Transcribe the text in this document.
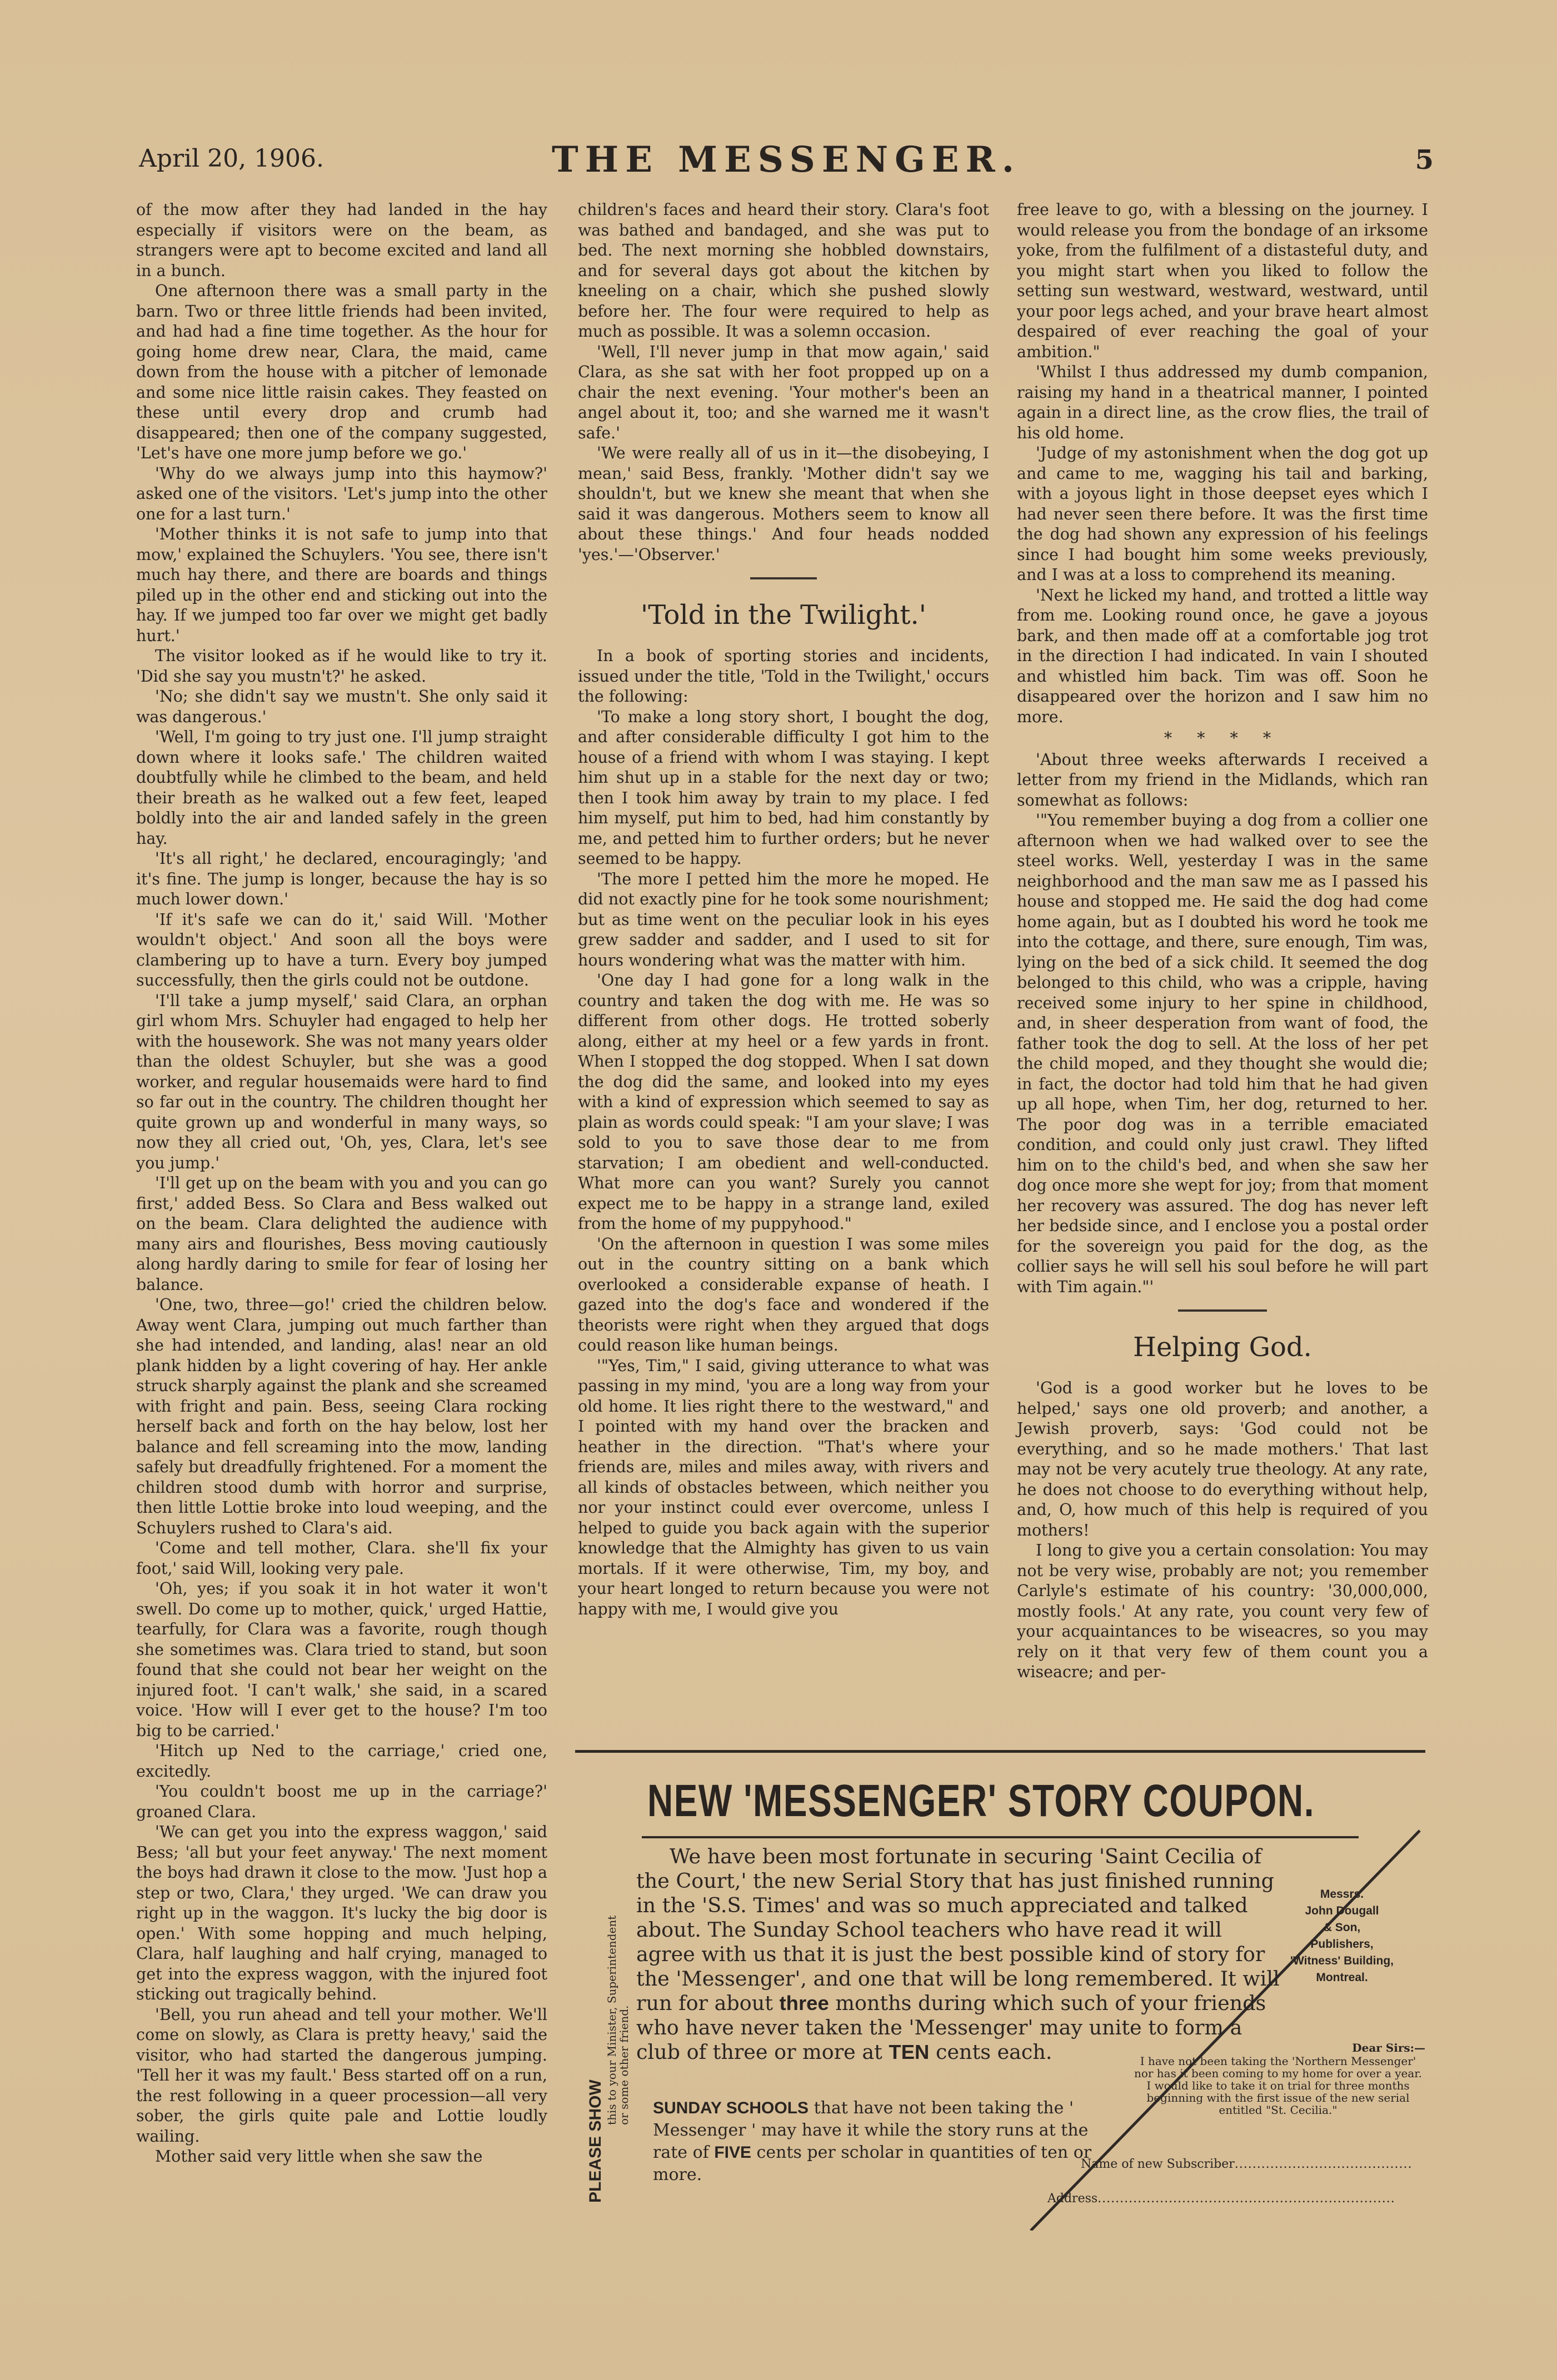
April 20, 1906.	THE MESSENGER.	5

of the mow after they had landed in the hay especially if visitors were on the beam, as strangers were apt to become excited and land all in a bunch.

One afternoon there was a small party in the barn. Two or three little friends had been invited, and had had a fine time together. As the hour for going home drew near, Clara, the maid, came down from the house with a pitcher of lemonade and some nice little raisin cakes. They feasted on these until every drop and crumb had disappeared; then one of the company suggested, 'Let's have one more jump before we go.'

'Why do we always jump into this haymow?' asked one of the visitors. 'Let's jump into the other one for a last turn.'

'Mother thinks it is not safe to jump into that mow,' explained the Schuylers. 'You see, there isn't much hay there, and there are boards and things piled up in the other end and sticking out into the hay. If we jumped too far over we might get badly hurt.'

The visitor looked as if he would like to try it. 'Did she say you mustn't?' he asked.

'No; she didn't say we mustn't. She only said it was dangerous.'

'Well, I'm going to try just one. I'll jump straight down where it looks safe.' The children waited doubtfully while he climbed to the beam, and held their breath as he walked out a few feet, leaped boldly into the air and landed safely in the green hay.

'It's all right,' he declared, encouragingly; 'and it's fine. The jump is longer, because the hay is so much lower down.'

'If it's safe we can do it,' said Will. 'Mother wouldn't object.' And soon all the boys were clambering up to have a turn. Every boy jumped successfully, then the girls could not be outdone.

'I'll take a jump myself,' said Clara, an orphan girl whom Mrs. Schuyler had engaged to help her with the housework. She was not many years older than the oldest Schuyler, but she was a good worker, and regular housemaids were hard to find so far out in the country. The children thought her quite grown up and wonderful in many ways, so now they all cried out, 'Oh, yes, Clara, let's see you jump.'

'I'll get up on the beam with you and you can go first,' added Bess. So Clara and Bess walked out on the beam. Clara delighted the audience with many airs and flourishes, Bess moving cautiously along hardly daring to smile for fear of losing her balance.

'One, two, three—go!' cried the children below. Away went Clara, jumping out much farther than she had intended, and landing, alas! near an old plank hidden by a light covering of hay. Her ankle struck sharply against the plank and she screamed with fright and pain. Bess, seeing Clara rocking herself back and forth on the hay below, lost her balance and fell screaming into the mow, landing safely but dreadfully frightened. For a moment the children stood dumb with horror and surprise, then little Lottie broke into loud weeping, and the Schuylers rushed to Clara's aid.

'Come and tell mother, Clara. she'll fix your foot,' said Will, looking very pale.

'Oh, yes; if you soak it in hot water it won't swell. Do come up to mother, quick,' urged Hattie, tearfully, for Clara was a favorite, rough though she sometimes was. Clara tried to stand, but soon found that she could not bear her weight on the injured foot. 'I can't walk,' she said, in a scared voice. 'How will I ever get to the house? I'm too big to be carried.'

'Hitch up Ned to the carriage,' cried one, excitedly.

'You couldn't boost me up in the carriage?' groaned Clara.

'We can get you into the express waggon,' said Bess; 'all but your feet anyway.' The next moment the boys had drawn it close to the mow. 'Just hop a step or two, Clara,' they urged. 'We can draw you right up in the waggon. It's lucky the big door is open.' With some hopping and much helping, Clara, half laughing and half crying, managed to get into the express waggon, with the injured foot sticking out tragically behind.

'Bell, you run ahead and tell your mother. We'll come on slowly, as Clara is pretty heavy,' said the visitor, who had started the dangerous jumping. 'Tell her it was my fault.' Bess started off on a run, the rest following in a queer procession—all very sober, the girls quite pale and Lottie loudly wailing.

Mother said very little when she saw the

children's faces and heard their story. Clara's foot was bathed and bandaged, and she was put to bed. The next morning she hobbled downstairs, and for several days got about the kitchen by kneeling on a chair, which she pushed slowly before her. The four were required to help as much as possible. It was a solemn occasion.

'Well, I'll never jump in that mow again,' said Clara, as she sat with her foot propped up on a chair the next evening. 'Your mother's been an angel about it, too; and she warned me it wasn't safe.'

'We were really all of us in it—the disobeying, I mean,' said Bess, frankly. 'Mother didn't say we shouldn't, but we knew she meant that when she said it was dangerous. Mothers seem to know all about these things.' And four heads nodded 'yes.'—'Observer.'

'Told in the Twilight.'

In a book of sporting stories and incidents, issued under the title, 'Told in the Twilight,' occurs the following:

'To make a long story short, I bought the dog, and after considerable difficulty I got him to the house of a friend with whom I was staying. I kept him shut up in a stable for the next day or two; then I took him away by train to my place. I fed him myself, put him to bed, had him constantly by me, and petted him to further orders; but he never seemed to be happy.

'The more I petted him the more he moped. He did not exactly pine for he took some nourishment; but as time went on the peculiar look in his eyes grew sadder and sadder, and I used to sit for hours wondering what was the matter with him.

'One day I had gone for a long walk in the country and taken the dog with me. He was so different from other dogs. He trotted soberly along, either at my heel or a few yards in front. When I stopped the dog stopped. When I sat down the dog did the same, and looked into my eyes with a kind of expression which seemed to say as plain as words could speak: "I am your slave; I was sold to you to save those dear to me from starvation; I am obedient and well-conducted. What more can you want? Surely you cannot expect me to be happy in a strange land, exiled from the home of my puppyhood."

'On the afternoon in question I was some miles out in the country sitting on a bank which overlooked a considerable expanse of heath. I gazed into the dog's face and wondered if the theorists were right when they argued that dogs could reason like human beings.

'"Yes, Tim," I said, giving utterance to what was passing in my mind, 'you are a long way from your old home. It lies right there to the westward," and I pointed with my hand over the bracken and heather in the direction. "That's where your friends are, miles and miles away, with rivers and all kinds of obstacles between, which neither you nor your instinct could ever overcome, unless I helped to guide you back again with the superior knowledge that the Almighty has given to us vain mortals. If it were otherwise, Tim, my boy, and your heart longed to return because you were not happy with me, I would give you

free leave to go, with a blessing on the journey. I would release you from the bondage of an irksome yoke, from the fulfilment of a distasteful duty, and you might start when you liked to follow the setting sun westward, westward, westward, until your poor legs ached, and your brave heart almost despaired of ever reaching the goal of your ambition."

'Whilst I thus addressed my dumb companion, raising my hand in a theatrical manner, I pointed again in a direct line, as the crow flies, the trail of his old home.

'Judge of my astonishment when the dog got up and came to me, wagging his tail and barking, with a joyous light in those deepset eyes which I had never seen there before. It was the first time the dog had shown any expression of his feelings since I had bought him some weeks previously, and I was at a loss to comprehend its meaning.

'Next he licked my hand, and trotted a little way from me. Looking round once, he gave a joyous bark, and then made off at a comfortable jog trot in the direction I had indicated. In vain I shouted and whistled him back. Tim was off. Soon he disappeared over the horizon and I saw him no more.

* * * *

'About three weeks afterwards I received a letter from my friend in the Midlands, which ran somewhat as follows:

'"You remember buying a dog from a collier one afternoon when we had walked over to see the steel works. Well, yesterday I was in the same neighborhood and the man saw me as I passed his house and stopped me. He said the dog had come home again, but as I doubted his word he took me into the cottage, and there, sure enough, Tim was, lying on the bed of a sick child. It seemed the dog belonged to this child, who was a cripple, having received some injury to her spine in childhood, and, in sheer desperation from want of food, the father took the dog to sell. At the loss of her pet the child moped, and they thought she would die; in fact, the doctor had told him that he had given up all hope, when Tim, her dog, returned to her. The poor dog was in a terrible emaciated condition, and could only just crawl. They lifted him on to the child's bed, and when she saw her dog once more she wept for joy; from that moment her recovery was assured. The dog has never left her bedside since, and I enclose you a postal order for the sovereign you paid for the dog, as the collier says he will sell his soul before he will part with Tim again."'

Helping God.

'God is a good worker but he loves to be helped,' says one old proverb; and another, a Jewish proverb, says: 'God could not be everything, and so he made mothers.' That last may not be very acutely true theology. At any rate, he does not choose to do everything without help, and, O, how much of this help is required of you mothers!

I long to give you a certain consolation: You may not be very wise, probably are not; you remember Carlyle's estimate of his country: '30,000,000, mostly fools.' At any rate, you count very few of your acquaintances to be wiseacres, so you may rely on it that very few of them count you a wiseacre; and per-

PLEASE SHOW
this to your Minister, Superintendent
or some other friend.
NEW 'MESSENGER' STORY COUPON.
We have been most fortunate in securing 'Saint Cecilia of the Court,' the new Serial Story that has just finished running in the 'S.S. Times' and was so much appreciated and talked about. The Sunday School teachers who have read it will agree with us that it is just the best possible kind of story for the 'Messenger', and one that will be long remembered. It will run for about three months during which such of your friends who have never taken the 'Messenger' may unite to form a club of three or more at TEN cents each.
SUNDAY SCHOOLS that have not been taking the ' Messenger ' may have it while the story runs at the rate of FIVE cents per scholar in quantities of ten or more.
Messrs.
John Dougall
& Son,
Publishers,
'Witness' Building,
Montreal.
Dear Sirs:—
I have not been taking the 'Northern Messenger' nor has it been coming to my home for over a year. I would like to take it on trial for three months beginning with the first issue of the new serial entitled "St. Cecilia."
Name of new Subscriber........................................
Address...................................................................
